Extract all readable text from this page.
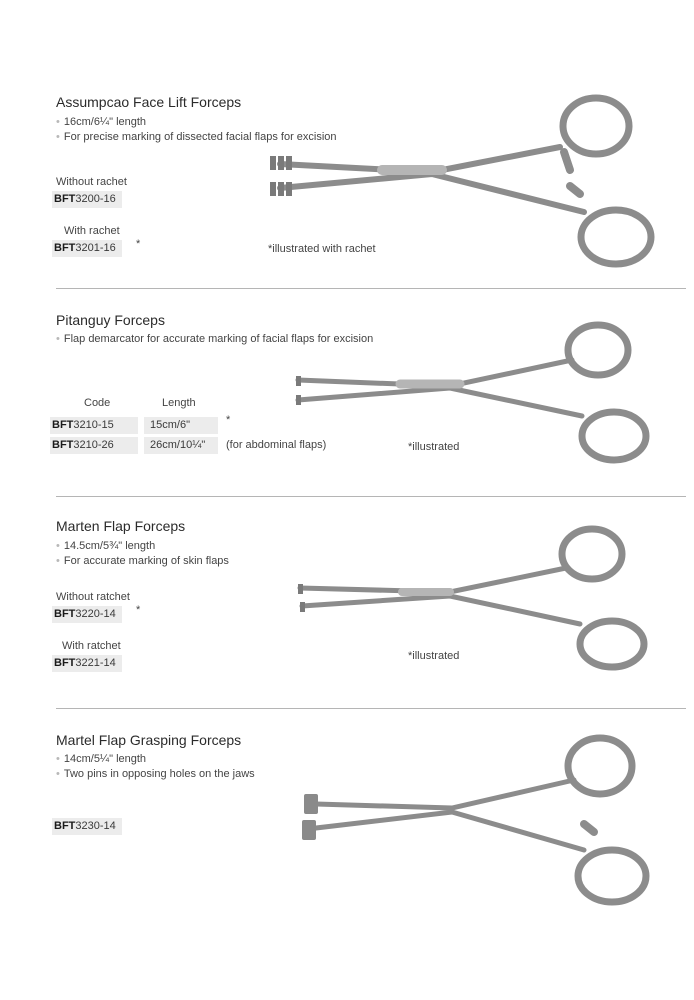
Assumpcao Face Lift Forceps
• 16cm/6¼" length
• For precise marking of dissected facial flaps for excision
Without rachet
BFT3200-16
With rachet
BFT3201-16	*	*illustrated with rachet
Pitanguy Forceps
• Flap demarcator for accurate marking of facial flaps for excision
Code	Length
BFT3210-15	15cm/6"	*
BFT3210-26	26cm/10¼"	(for abdominal flaps)	*illustrated
Marten Flap Forceps
• 14.5cm/5¾" length
• For accurate marking of skin flaps
Without ratchet
BFT3220-14	*
With ratchet
BFT3221-14
*illustrated
Martel Flap Grasping Forceps
• 14cm/5¼" length
• Two pins in opposing holes on the jaws
BFT3230-14
